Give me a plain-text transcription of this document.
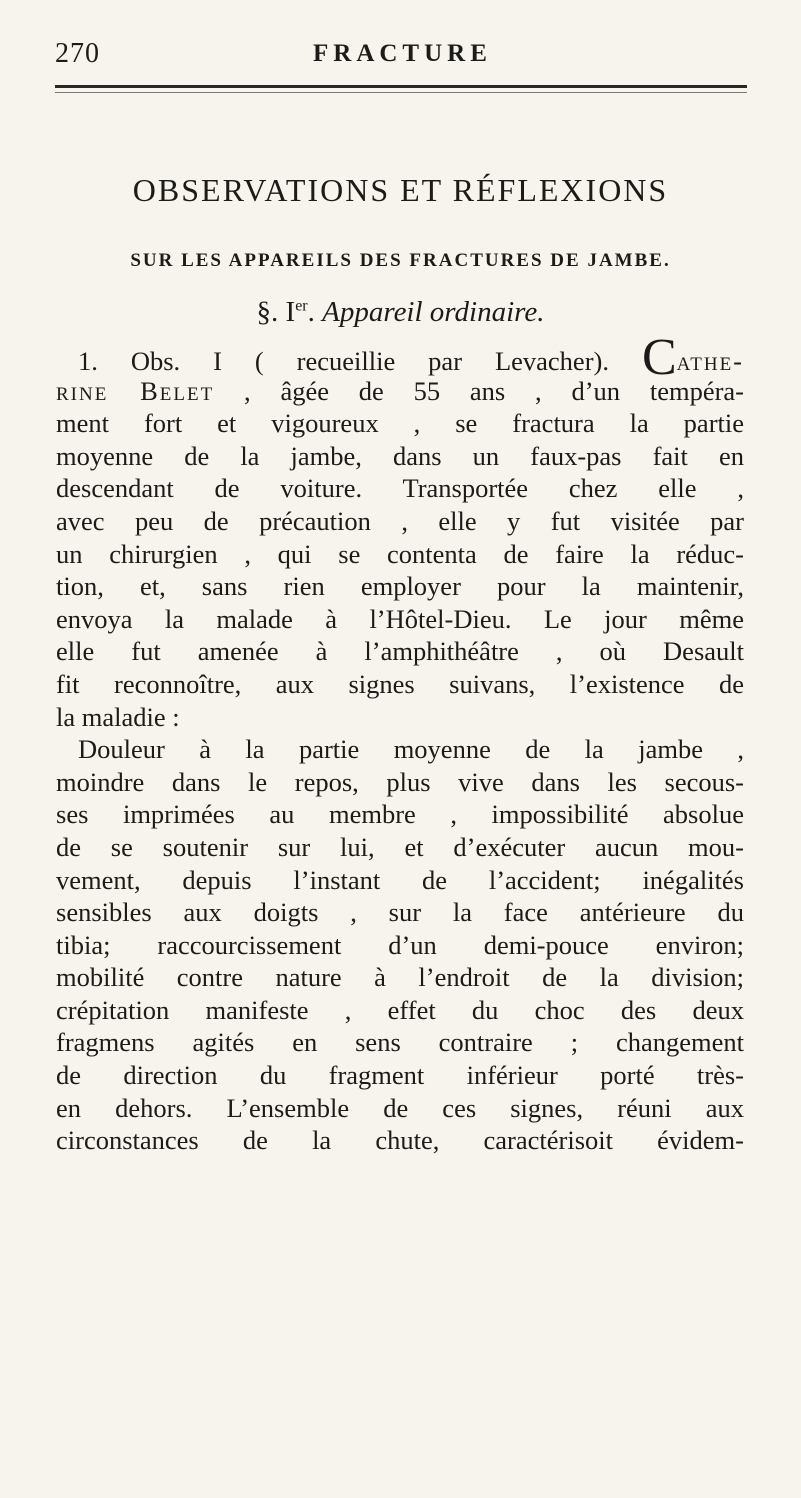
270	FRACTURE
OBSERVATIONS ET RÉFLEXIONS
SUR LES APPAREILS DES FRACTURES DE JAMBE.
§. Ier. Appareil ordinaire.
1. Obs. I ( recueillie par Levacher). Cathe-
rine Belet , âgée de 55 ans , d’un tempéra-
ment fort et vigoureux , se fractura la partie
moyenne de la jambe, dans un faux-pas fait en
descendant de voiture. Transportée chez elle ,
avec peu de précaution , elle y fut visitée par
un chirurgien , qui se contenta de faire la réduc-
tion, et, sans rien employer pour la maintenir,
envoya la malade à l’Hôtel-Dieu. Le jour même
elle fut amenée à l’amphithéâtre , où Desault
fit reconnoître, aux signes suivans, l’existence de
la maladie :
Douleur à la partie moyenne de la jambe ,
moindre dans le repos, plus vive dans les secous-
ses imprimées au membre , impossibilité absolue
de se soutenir sur lui, et d’exécuter aucun mou-
vement, depuis l’instant de l’accident; inégalités
sensibles aux doigts , sur la face antérieure du
tibia; raccourcissement d’un demi-pouce environ;
mobilité contre nature à l’endroit de la division;
crépitation manifeste , effet du choc des deux
fragmens agités en sens contraire ; changement
de direction du fragment inférieur porté très-
en dehors. L’ensemble de ces signes, réuni aux
circonstances de la chute, caractérisoit évidem-
